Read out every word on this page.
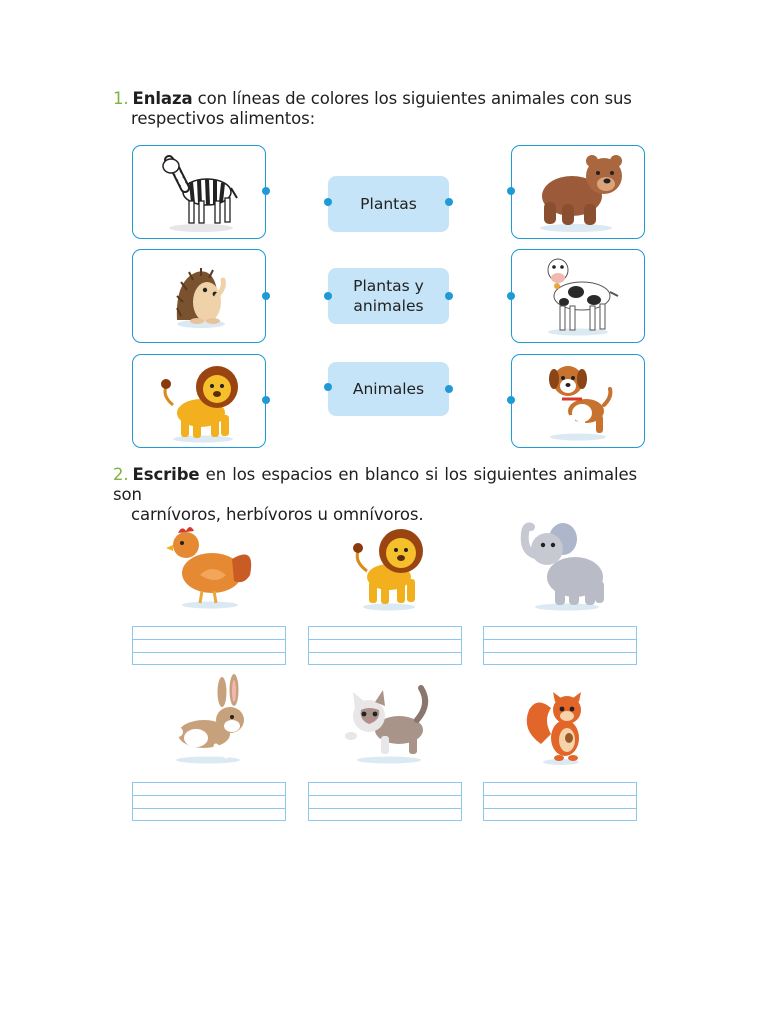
1. Enlaza con líneas de colores los siguientes animales con sus
respectivos alimentos:
Plantas
Plantas y animales
Animales
2. Escribe en los espacios en blanco si los siguientes animales son
carnívoros, herbívoros u omnívoros.
